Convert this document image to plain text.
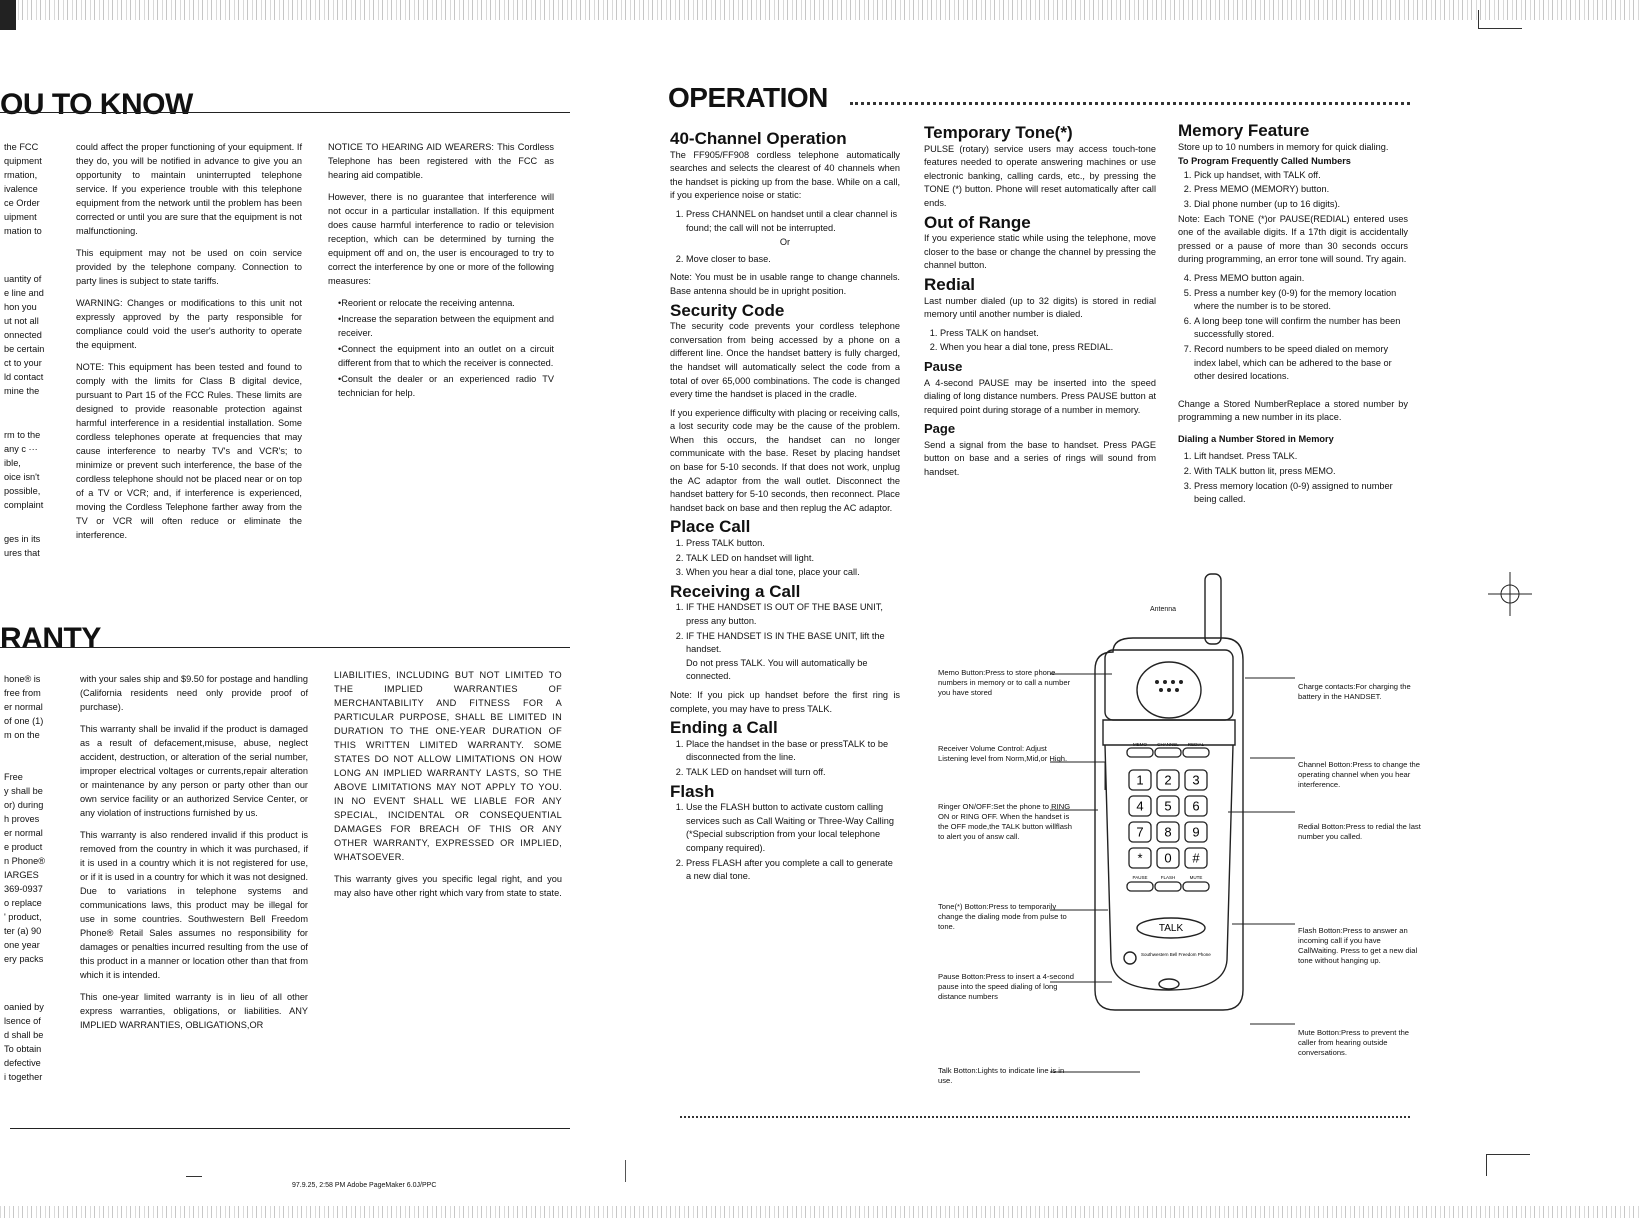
OU TO KNOW
the FCC
quipment
rmation,
ivalence
ce Order
uipment
mation to
uantity of
e line and
hon you
ut not all
onnected
be certain
ct to your
ld contact
mine the
rm to the
any c ···
ible,
oice isn't
possible,
complaint
ges in its
ures that

could affect the proper functioning of your equipment. If they do, you will be notified in advance to give you an opportunity to maintain uninterrupted telephone service. If you experience trouble with this telephone equipment from the network until the problem has been corrected or until you are sure that the equipment is not malfunctioning.

This equipment may not be used on coin service provided by the telephone company. Connection to party lines is subject to state tariffs.

WARNING: Changes or modifications to this unit not expressly approved by the party responsible for compliance could void the user's authority to operate the equipment.

NOTE: This equipment has been tested and found to comply with the limits for Class B digital device, pursuant to Part 15 of the FCC Rules. These limits are designed to provide reasonable protection against harmful interference in a residential installation. Some cordless telephones operate at frequencies that may cause interference to nearby TV's and VCR's; to minimize or prevent such interference, the base of the cordless telephone should not be placed near or on top of a TV or VCR; and, if interference is experienced, moving the Cordless Telephone farther away from the TV or VCR will often reduce or eliminate the interference.

NOTICE TO HEARING AID WEARERS: This Cordless Telephone has been registered with the FCC as hearing aid compatible.

However, there is no guarantee that interference will not occur in a particular installation. If this equipment does cause harmful interference to radio or television reception, which can be determined by turning the equipment off and on, the user is encouraged to try to correct the interference by one or more of the following measures:

•Reorient or relocate the receiving antenna.

•Increase the separation between the equipment and receiver.

•Connect the equipment into an outlet on a circuit different from that to which the receiver is connected.

•Consult the dealer or an experienced radio TV technician for help.

RANTY
hone® is
free from
er normal
of one (1)
m on the
Free
y shall be
or) during
h proves
er normal
e product
n Phone®
IARGES
369-0937
o replace
' product,
ter (a) 90
one year
ery packs
oanied by
lsence of
d shall be
To obtain
defective
i together

with your sales ship and $9.50 for postage and handling (California residents need only provide proof of purchase).

This warranty shall be invalid if the product is damaged as a result of defacement,misuse, abuse, neglect accident, destruction, or alteration of the serial number, improper electrical voltages or currents,repair alteration or maintenance by any person or party other than our own service facility or an authorized Service Center, or any violation of instructions furnished by us.

This warranty is also rendered invalid if this product is removed from the country in which it was purchased, if it is used in a country which it is not registered for use, or if it is used in a country for which it was not designed. Due to variations in telephone systems and communications laws, this product may be illegal for use in some countries. Southwestern Bell Freedom Phone® Retail Sales assumes no responsibility for damages or penalties incurred resulting from the use of this product in a manner or location other than that from which it is intended.

This one-year limited warranty is in lieu of all other express warranties, obligations, or liabilities. ANY IMPLIED WARRANTIES, OBLIGATIONS,OR

LIABILITIES, INCLUDING BUT NOT LIMITED TO THE IMPLIED WARRANTIES OF MERCHANTABILITY AND FITNESS FOR A PARTICULAR PURPOSE, SHALL BE LIMITED IN DURATION TO THE ONE-YEAR DURATION OF THIS WRITTEN LIMITED WARRANTY. SOME STATES DO NOT ALLOW LIMITATIONS ON HOW LONG AN IMPLIED WARRANTY LASTS, SO THE ABOVE LIMITATIONS MAY NOT APPLY TO YOU. IN NO EVENT SHALL WE LIABLE FOR ANY SPECIAL, INCIDENTAL OR CONSEQUENTIAL DAMAGES FOR BREACH OF THIS OR ANY OTHER WARRANTY, EXPRESSED OR IMPLIED, WHATSOEVER.

This warranty gives you specific legal right, and you may also have other right which vary from state to state.

97.9.25, 2:58 PM Adobe PageMaker 6.0J/PPC
OPERATION
40-Channel Operation

The FF905/FF908 cordless telephone automatically searches and selects the clearest of 40 channels when the handset is picking up from the base. While on a call, if you experience noise or static:

1. Press CHANNEL on handset until a clear channel is found; the call will not be interrupted.
Or
2. Move closer to base.

Note: You must be in usable range to change channels. Base antenna should be in upright position.

Security Code

The security code prevents your cordless telephone conversation from being accessed by a phone on a different line. Once the handset battery is fully charged, the handset will automatically select the code from a total of over 65,000 combinations. The code is changed every time the handset is placed in the cradle.

If you experience difficulty with placing or receiving calls, a lost security code may be the cause of the problem. When this occurs, the handset can no longer communicate with the base. Reset by placing handset on base for 5-10 seconds. If that does not work, unplug the AC adaptor from the wall outlet. Disconnect the handset battery for 5-10 seconds, then reconnect. Place handset back on base and then replug the AC adaptor.

Place Call
1. Press TALK button.
2. TALK LED on handset will light.
3. When you hear a dial tone, place your call.
Receiving a Call
1. IF THE HANDSET IS OUT OF THE BASE UNIT, press any button.
2. IF THE HANDSET IS IN THE BASE UNIT, lift the handset.
Do not press TALK. You will automatically be connected.

Note: If you pick up handset before the first ring is complete, you may have to press TALK.

Ending a Call
1. Place the handset in the base or pressTALK to be disconnected from the line.
2. TALK LED on handset will turn off.
Flash
1. Use the FLASH button to activate custom calling services such as Call Waiting or Three-Way Calling (*Special subscription from your local telephone company required).
2. Press FLASH after you complete a call to generate a new dial tone.
Temporary Tone(*)

PULSE (rotary) service users may access touch-tone features needed to operate answering machines or use electronic banking, calling cards, etc., by pressing the TONE (*) button. Phone will reset automatically after call ends.

Out of Range

If you experience static while using the telephone, move closer to the base or change the channel by pressing the channel button.

Redial

Last number dialed (up to 32 digits) is stored in redial memory until another number is dialed.

1. Press TALK on handset.
2. When you hear a dial tone, press REDIAL.
Pause

A 4-second PAUSE may be inserted into the speed dialing of long distance numbers. Press PAUSE button at required point during storage of a number in memory.

Page

Send a signal from the base to handset. Press PAGE button on base and a series of rings will sound from handset.

Memory Feature

Store up to 10 numbers in memory for quick dialing.

To Program Frequently Called Numbers
1. Pick up handset, with TALK off.
2. Press MEMO (MEMORY) button.
3. Dial phone number (up to 16 digits).

Note: Each TONE (*)or PAUSE(REDIAL) entered uses one of the available digits. If a 17th digit is accidentally pressed or a pause of more than 30 seconds occurs during programming, an error tone will sound. Try again.

4. Press MEMO button again.
5. Press a number key (0-9) for the memory location where the number is to be stored.
6. A long beep tone will confirm the number has been successfully stored.
7. Record numbers to be speed dialed on memory index label, which can be adhered to the base or other desired locations.

Change a Stored NumberReplace a stored number by programming a new number in its place.

Dialing a Number Stored in Memory
1. Lift handset. Press TALK.
2. With TALK button lit, press MEMO.
3. Press memory location (0-9) assigned to number being called.
Antenna
MEMO CHANNEL REDIAL
1 2 3
4 5 6
7 8 9
* 0 #
PAUSE	FLASH	MUTE
TALK
Southwestern Bell Freedom Phone
Memo Button:Press to store phone numbers in memory or to call a number you have stored
Receiver Volume Control: Adjust Listening level from Norm,Mid,or High.
Ringer ON/OFF:Set the phone to RING ON or RING OFF. When the handset is the OFF mode,the TALK button willflash to alert you of answ call.
Tone(*) Botton:Press to temporarily change the dialing mode from pulse to tone.
Pause Botton:Press to insert a 4-second pause into the speed dialing of long distance numbers
Talk Botton:Lights to indicate line is in use.
Charge contacts:For charging the battery in the HANDSET.
Channel Botton:Press to change the operating channel when you hear interference.
Redial Botton:Press to redial the last number you called.
Flash Botton:Press to answer an incoming call if you have CallWaiting. Press to get a new dial tone without hanging up.
Mute Botton:Press to prevent the caller from hearing outside conversations.
